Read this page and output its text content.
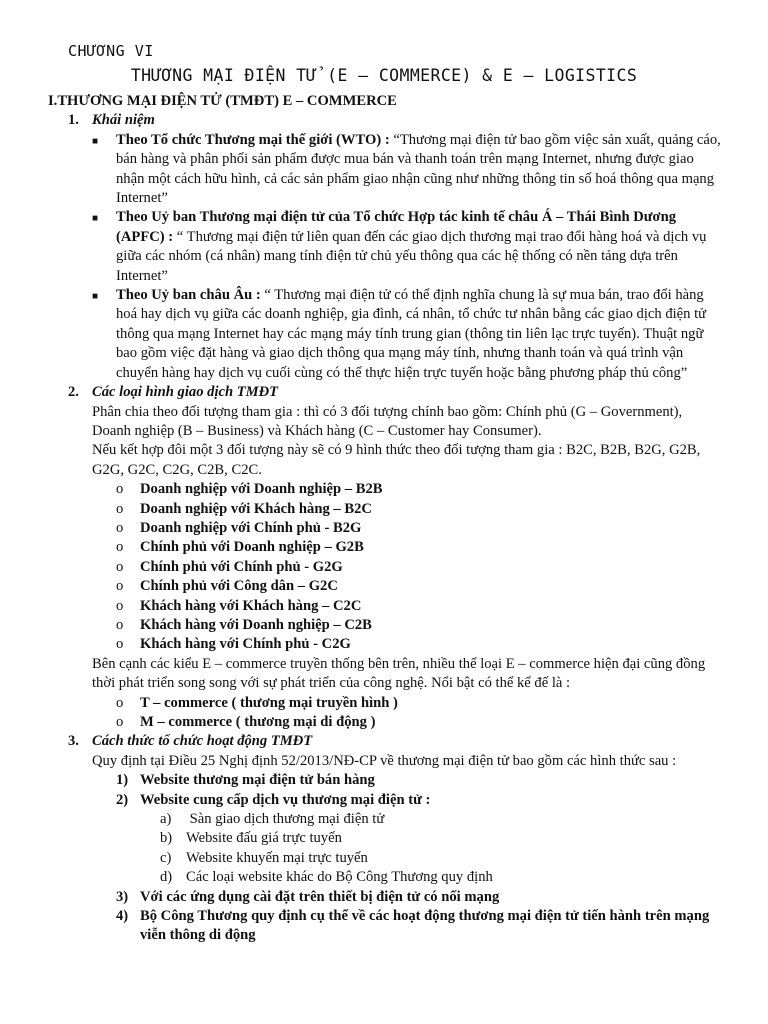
CHƯƠNG VI
THƯƠNG MẠI ĐIỆN TỬ (E – COMMERCE) & E – LOGISTICS
I.THƯƠNG MẠI ĐIỆN TỬ (TMĐT) E – COMMERCE
1. Khái niệm
■	Theo Tổ chức Thương mại thế giới (WTO) : “Thương mại điện tử bao gồm việc sản xuất, quảng cáo, bán hàng và phân phối sản phẩm được mua bán và thanh toán trên mạng Internet, nhưng được giao nhận một cách hữu hình, cả các sản phẩm giao nhận cũng như những thông tin số hoá thông qua mạng Internet”
■	Theo Uỷ ban Thương mại điện tử của Tổ chức Hợp tác kinh tế châu Á – Thái Bình Dương (APFC) : “ Thương mại điện tử liên quan đến các giao dịch thương mại trao đổi hàng hoá và dịch vụ giữa các nhóm (cá nhân) mang tính điện tử chủ yếu thông qua các hệ thống có nền tảng dựa trên Internet”
■	Theo Uỷ ban châu Âu : “ Thương mại điện tử có thể định nghĩa chung là sự mua bán, trao đổi hàng hoá hay dịch vụ giữa các doanh nghiệp, gia đình, cá nhân, tổ chức tư nhân bằng các giao dịch điện tử thông qua mạng Internet hay các mạng máy tính trung gian (thông tin liên lạc trực tuyến). Thuật ngữ bao gồm việc đặt hàng và giao dịch thông qua mạng máy tính, nhưng thanh toán và quá trình vận chuyển hàng hay dịch vụ cuối cùng có thể thực hiện trực tuyến hoặc bằng phương pháp thủ công”
2. Các loại hình giao dịch TMĐT
Phân chia theo đối tượng tham gia : thì có 3 đối tượng chính bao gồm: Chính phủ (G – Government), Doanh nghiệp (B – Business) và Khách hàng (C – Customer hay Consumer).
Nếu kết hợp đôi một 3 đối tượng này sẽ có 9 hình thức theo đối tượng tham gia : B2C, B2B, B2G, G2B, G2G, G2C, C2G, C2B, C2C.
o	Doanh nghiệp với Doanh nghiệp – B2B
o	Doanh nghiệp với Khách hàng – B2C
o	Doanh nghiệp với Chính phủ - B2G
o	Chính phủ với Doanh nghiệp – G2B
o	Chính phủ với Chính phủ - G2G
o	Chính phủ với Công dân – G2C
o	Khách hàng với Khách hàng – C2C
o	Khách hàng với Doanh nghiệp – C2B
o	Khách hàng với Chính phủ - C2G
Bên cạnh các kiểu E – commerce truyền thống bên trên, nhiều thể loại E – commerce hiện đại cũng đồng thời phát triển song song với sự phát triển của công nghệ. Nổi bật có thể kể đế là :
o	T – commerce ( thương mại truyền hình )
o	M – commerce ( thương mại di động )
3. Cách thức tổ chức hoạt động TMĐT
Quy định tại Điều 25 Nghị định 52/2013/NĐ-CP về thương mại điện tử bao gồm các hình thức sau :
1) Website thương mại điện tử bán hàng
2) Website cung cấp dịch vụ thương mại điện tử :
a)	Sàn giao dịch thương mại điện tử
b) Website đấu giá trực tuyến
c)	Website khuyến mại trực tuyến
d) Các loại website khác do Bộ Công Thương quy định
3) Với các ứng dụng cài đặt trên thiết bị điện tử có nối mạng
4) Bộ Công Thương quy định cụ thể về các hoạt động thương mại điện tử tiến hành trên mạng viễn thông di động
